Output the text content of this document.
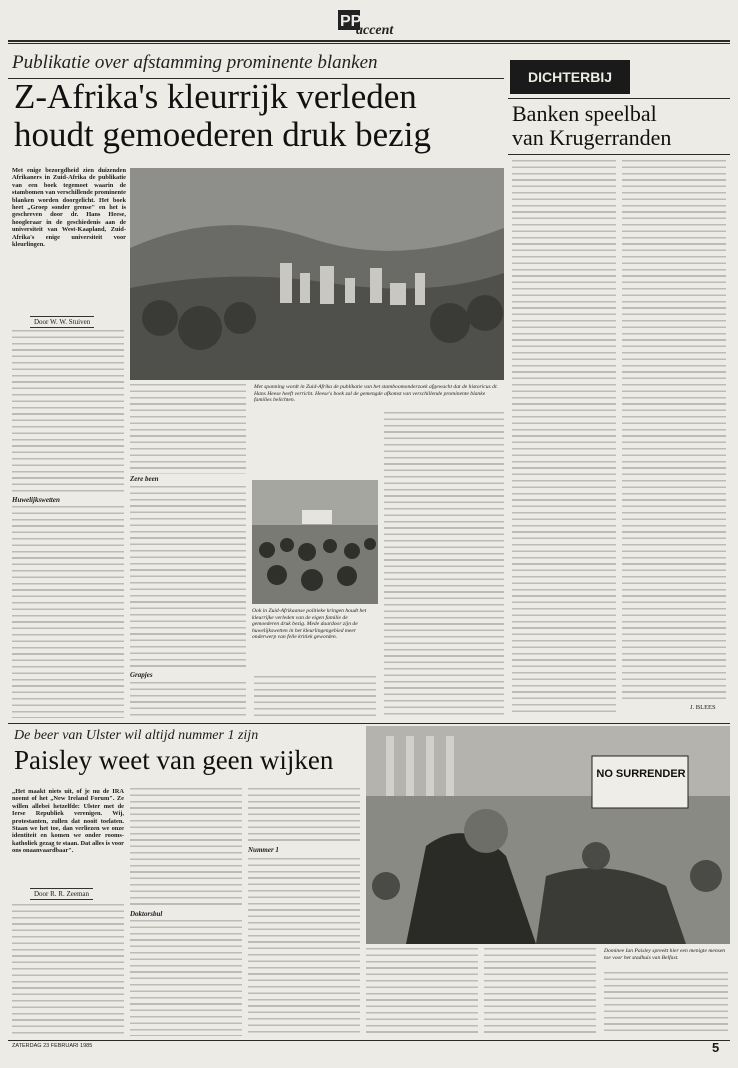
PP
accent
Publikatie over afstamming prominente blanken
Z-Afrika's kleurrijk verleden
houdt gemoederen druk bezig
Met enige bezorgdheid zien duizenden Afrikaners in Zuid-Afrika de publikatie van een boek tegemoet waarin de stambomen van verschillende prominente blanken worden doorgelicht. Het boek heet „Groep sonder grense" en het is geschreven door dr. Hans Heese, hoogleraar in de geschiedenis aan de universiteit van West-Kaapland, Zuid-Afrika's enige universiteit voor kleurlingen.
Door W. W. Stuiven
Huwelijkswetten
Met spanning wordt in Zuid-Afrika de publikatie van het stamboomonderzoek afgewacht dat de historicus dr. Hans Heese heeft verricht. Heese's boek zal de gemengde afkomst van verschillende prominente blanke families belichten.
Zere been
Grapjes
Ook in Zuid-Afrikaanse politieke kringen houdt het kleurrijke verleden van de eigen familie de gemoederen druk bezig. Mede daardoor zijn de huwelijkswetten in het kleurlingengebied meer onderwerp van felle kritiek geworden.
DICHTERBIJ
Banken speelbal
van Krugerranden
J. BLEES
De beer van Ulster wil altijd nummer 1 zijn
Paisley weet van geen wijken
„Het maakt niets uit, of je nu de IRA noemt of het „New Ireland Forum". Ze willen allebei hetzelfde: Ulster met de Ierse Republiek verenigen. Wij, protestanten, zullen dat nooit toelaten. Staan we het toe, dan verliezen we onze identiteit en komen we onder rooms-katholiek gezag te staan. Dat alles is voor ons onaanvaardbaar".
Door R. R. Zeeman
Doktorsbul
Nummer 1
NO SURRENDER
Dominee Ian Paisley spreekt hier een menigte mensen toe voor het stadhuis van Belfast.
ZATERDAG 23 FEBRUARI 1985	5
